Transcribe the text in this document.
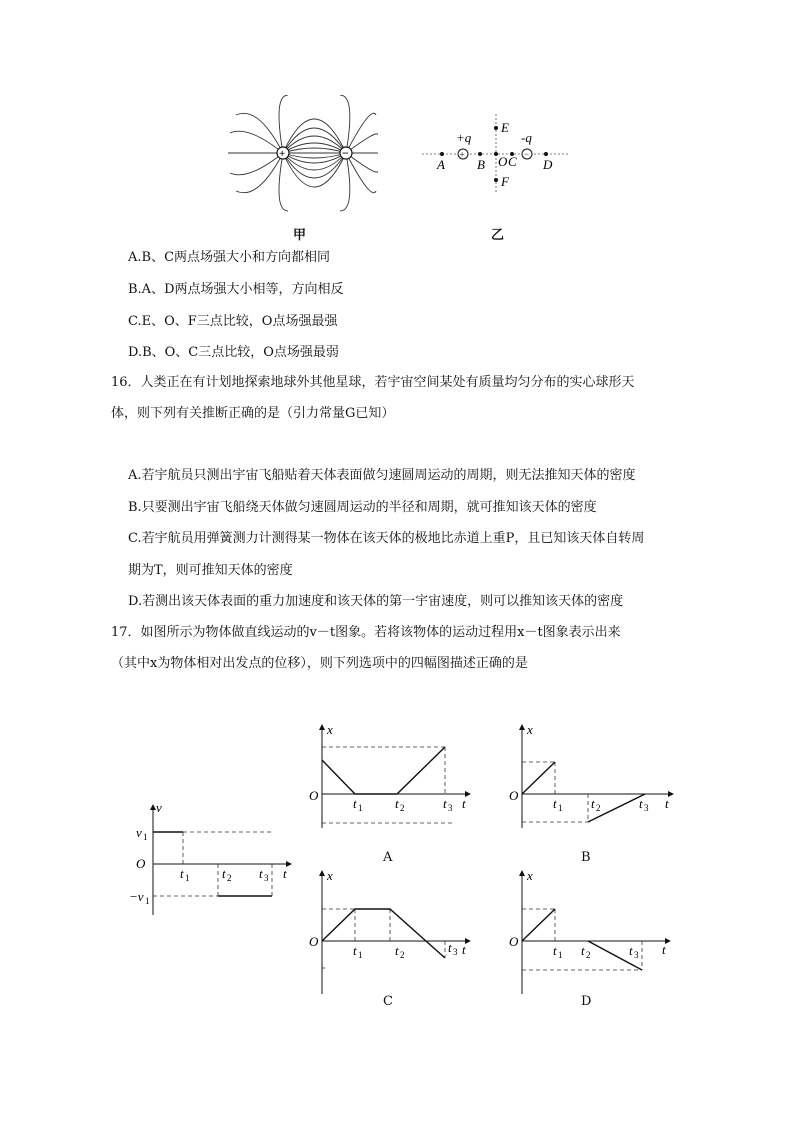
+	−
甲
+	−
+q	-q
A B O C D
E
F
乙
A.B、C两点场强大小和方向都相同
B.A、D两点场强大小相等，方向相反
C.E、O、F三点比较，O点场强最强
D.B、O、C三点比较，O点场强最弱
16．人类正在有计划地探索地球外其他星球，若宇宙空间某处有质量均匀分布的实心球形天
体，则下列有关推断正确的是（引力常量G已知）
A.若宇航员只测出宇宙飞船贴着天体表面做匀速圆周运动的周期，则无法推知天体的密度
B.只要测出宇宙飞船绕天体做匀速圆周运动的半径和周期，就可推知该天体的密度
C.若宇航员用弹簧测力计测得某一物体在该天体的极地比赤道上重P，且已知该天体自转周
期为T，则可推知天体的密度
D.若测出该天体表面的重力加速度和该天体的第一宇宙速度，则可以推知该天体的密度
17．如图所示为物体做直线运动的v－t图象。若将该物体的运动过程用x－t图象表示出来
（其中x为物体相对出发点的位移），则下列选项中的四幅图描述正确的是
v
t
O
v 1
−v 1
t 1	t 2 t 3
x
t
O
t 1	t 2	t 3
A
x
t
O
t 1 t 2	t 3
B
x
t
O
t 1	t 2	t 3
C
x
t
O
t 1 t 2	t 3
D
